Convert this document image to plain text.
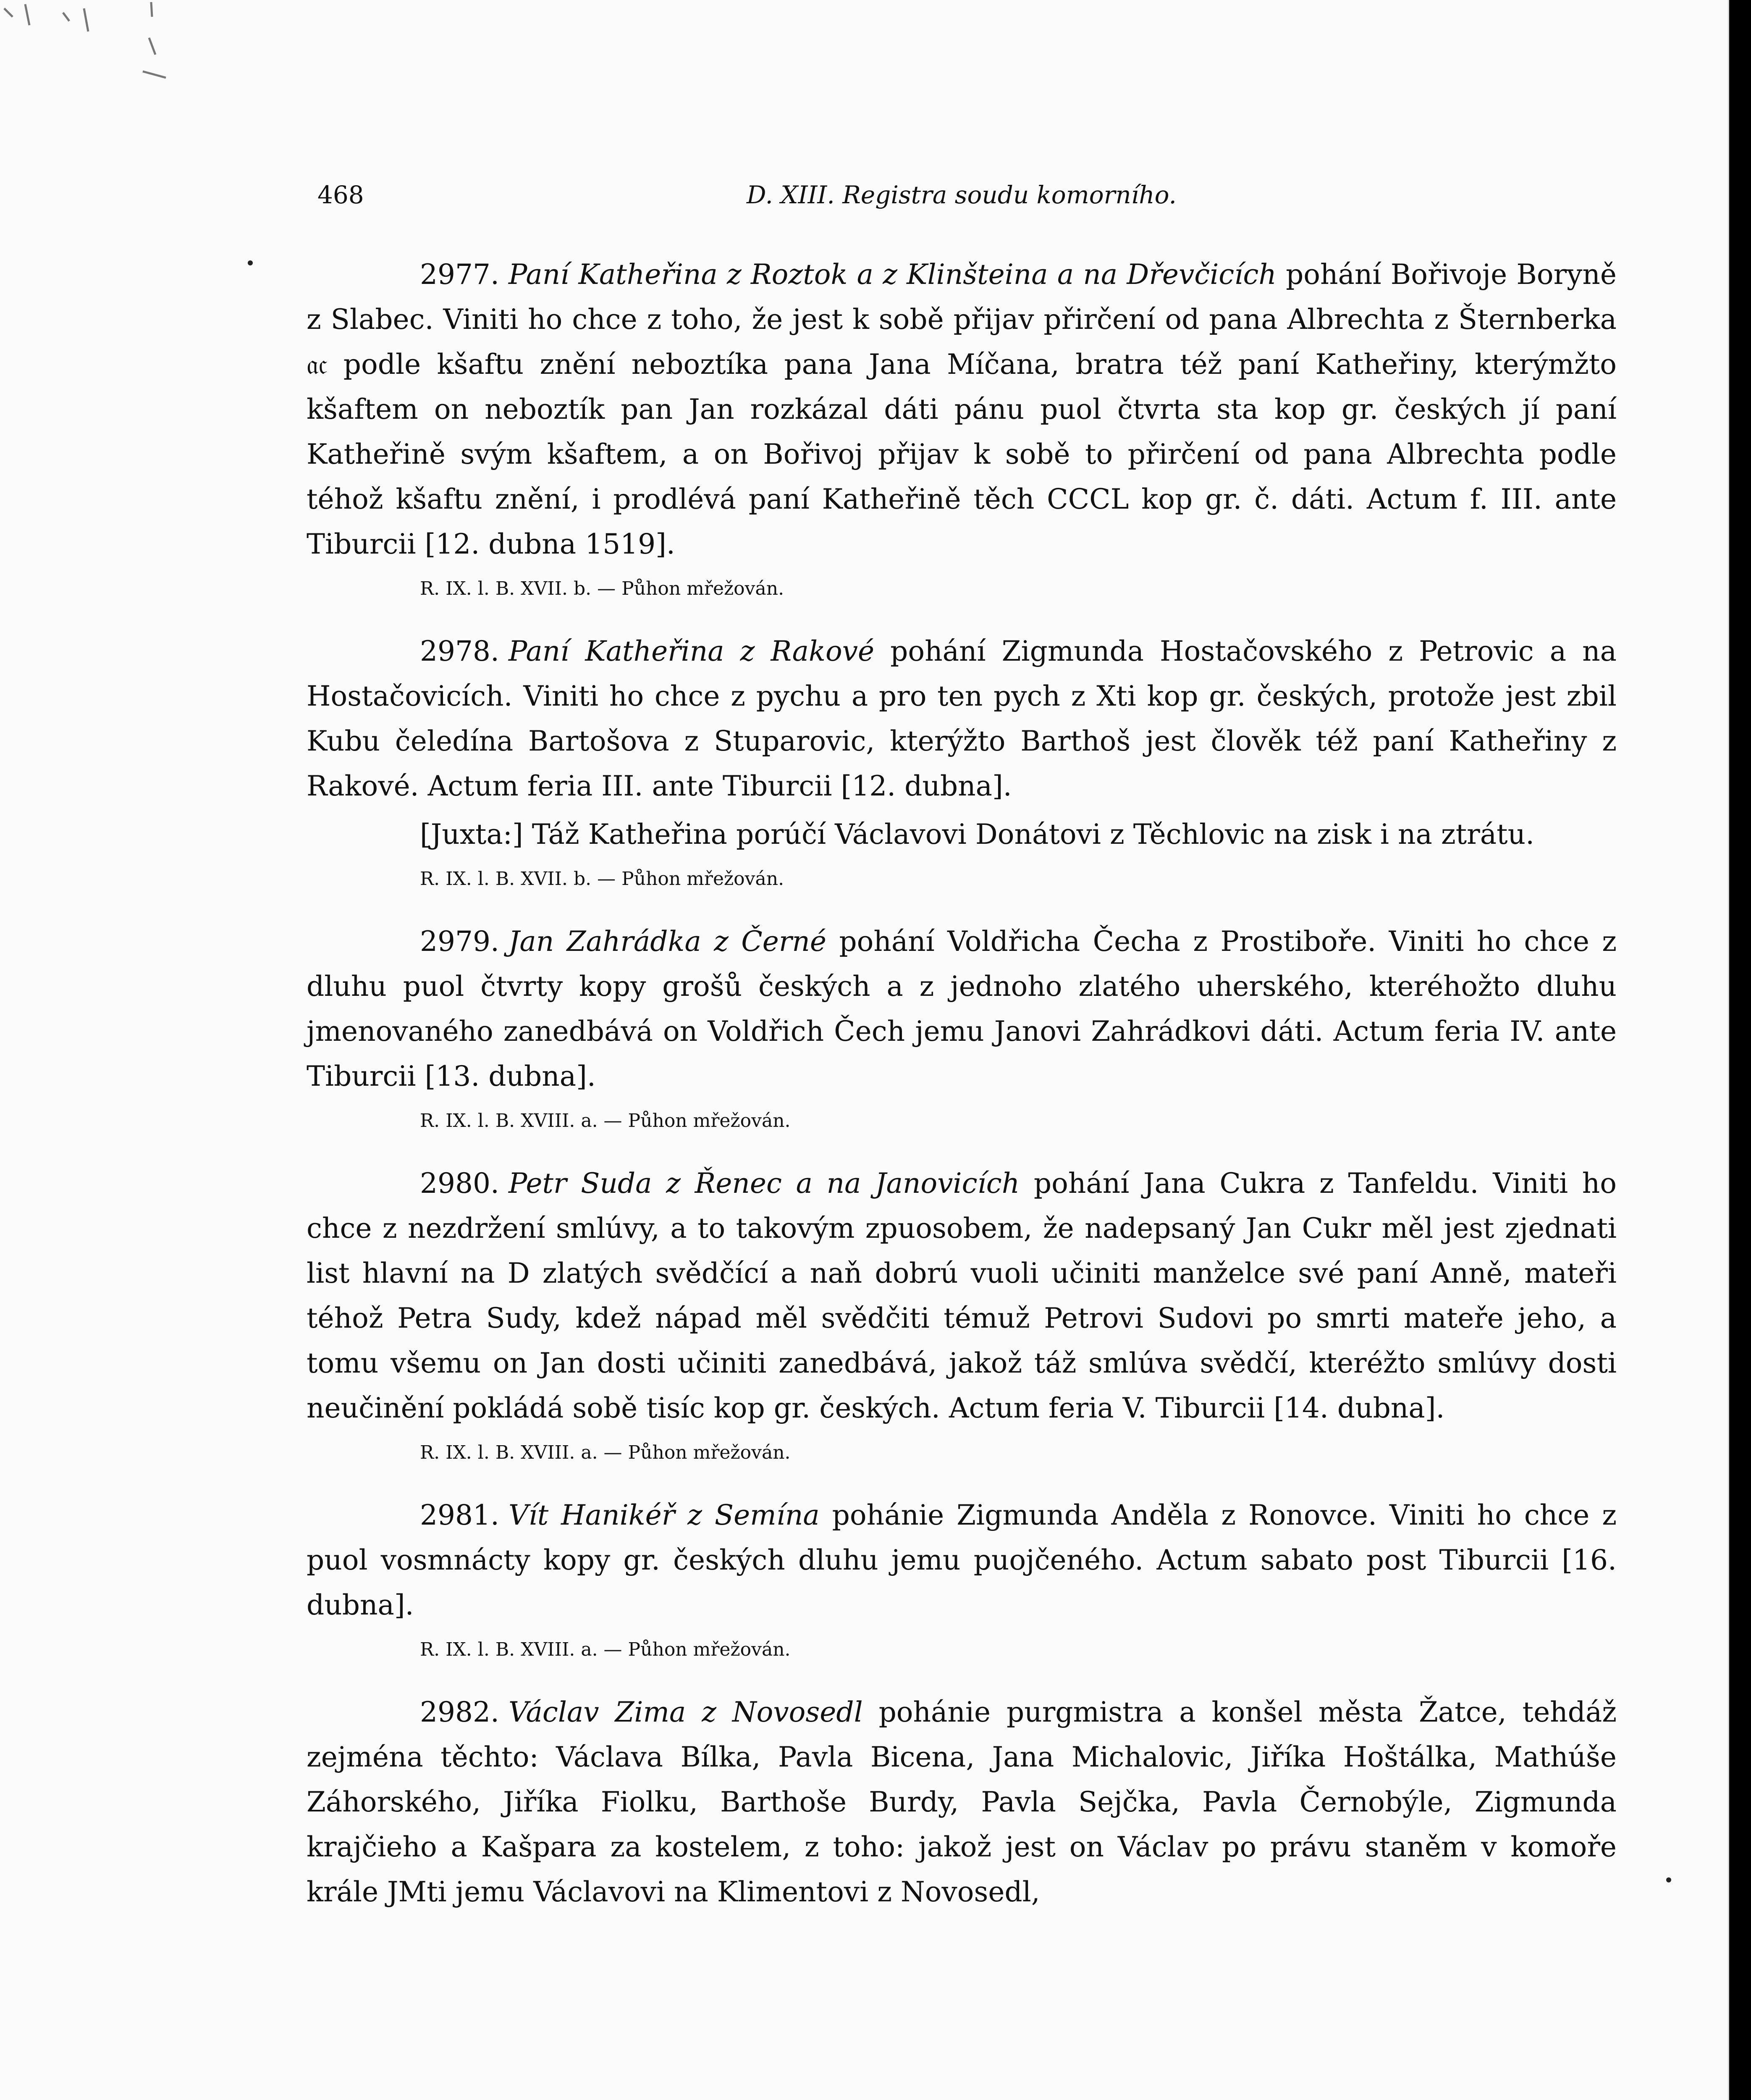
468	D. XIII. Registra soudu komorního.

2977. Paní Katheřina z Roztok a z Klinšteina a na Dřevčicích pohání Bořivoje Boryně z Slabec. Viniti ho chce z toho, že jest k sobě přijav přirčení od pana Albrechta z Šternberka 𝔞𝔠 podle kšaftu znění neboztíka pana Jana Míčana, bratra též paní Katheřiny, kterýmžto kšaftem on neboztík pan Jan rozkázal dáti pánu puol čtvrta sta kop gr. českých jí paní Katheřině svým kšaftem, a on Bořivoj přijav k sobě to přirčení od pana Albrechta podle téhož kšaftu znění, i prodlévá paní Katheřině těch CCCL kop gr. č. dáti. Actum f. III. ante Tiburcii [12. dubna 1519].

R. IX. l. B. XVII. b. — Půhon mřežován.

2978. Paní Katheřina z Rakové pohání Zigmunda Hostačovského z Petrovic a na Hostačovicích. Viniti ho chce z pychu a pro ten pych z Xti kop gr. českých, protože jest zbil Kubu čeledína Bartošova z Stuparovic, kterýžto Barthoš jest člověk též paní Katheřiny z Rakové. Actum feria III. ante Tiburcii [12. dubna].

[Juxta:] Táž Katheřina porúčí Václavovi Donátovi z Těchlovic na zisk i na ztrátu.

R. IX. l. B. XVII. b. — Půhon mřežován.

2979. Jan Zahrádka z Černé pohání Voldřicha Čecha z Prostiboře. Viniti ho chce z dluhu puol čtvrty kopy grošů českých a z jednoho zlatého uherského, kteréhožto dluhu jmenovaného zanedbává on Voldřich Čech jemu Janovi Zahrádkovi dáti. Actum feria IV. ante Tiburcii [13. dubna].

R. IX. l. B. XVIII. a. — Půhon mřežován.

2980. Petr Suda z Řenec a na Janovicích pohání Jana Cukra z Tanfeldu. Viniti ho chce z nezdržení smlúvy, a to takovým zpuosobem, že nadepsaný Jan Cukr měl jest zjednati list hlavní na D zlatých svědčící a naň dobrú vuoli učiniti manželce své paní Anně, mateři téhož Petra Sudy, kdež nápad měl svědčiti témuž Petrovi Sudovi po smrti mateře jeho, a tomu všemu on Jan dosti učiniti zanedbává, jakož táž smlúva svědčí, kteréžto smlúvy dosti neučinění pokládá sobě tisíc kop gr. českých. Actum feria V. Tiburcii [14. dubna].

R. IX. l. B. XVIII. a. — Půhon mřežován.

2981. Vít Hanikéř z Semína pohánie Zigmunda Anděla z Ronovce. Viniti ho chce z puol vosmnácty kopy gr. českých dluhu jemu puojčeného. Actum sabato post Tiburcii [16. dubna].

R. IX. l. B. XVIII. a. — Půhon mřežován.

2982. Václav Zima z Novosedl pohánie purgmistra a konšel města Žatce, tehdáž zejména těchto: Václava Bílka, Pavla Bicena, Jana Michalovic, Jiříka Hoštálka, Mathúše Záhorského, Jiříka Fiolku, Barthoše Burdy, Pavla Sejčka, Pavla Černobýle, Zigmunda krajčieho a Kašpara za kostelem, z toho: jakož jest on Václav po právu staněm v komoře krále JMti jemu Václavovi na Klimentovi z Novosedl,
